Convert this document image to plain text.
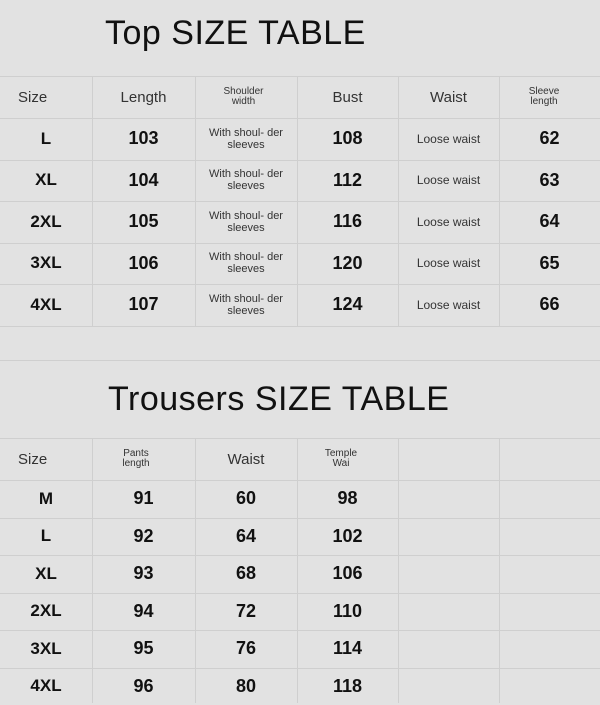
Top SIZE TABLE
Size	Length	Shoulder width	Bust	Waist	Sleeve length
L	103	With shoul- der sleeves	108	Loose waist	62
XL	104	With shoul- der sleeves	112	Loose waist	63
2XL	105	With shoul- der sleeves	116	Loose waist	64
3XL	106	With shoul- der sleeves	120	Loose waist	65
4XL	107	With shoul- der sleeves	124	Loose waist	66
Trousers SIZE TABLE
Size	Pants length	Waist	Temple Wai
M	91	60	98
L	92	64	102
XL	93	68	106
2XL	94	72	110
3XL	95	76	114
4XL	96	80	118
